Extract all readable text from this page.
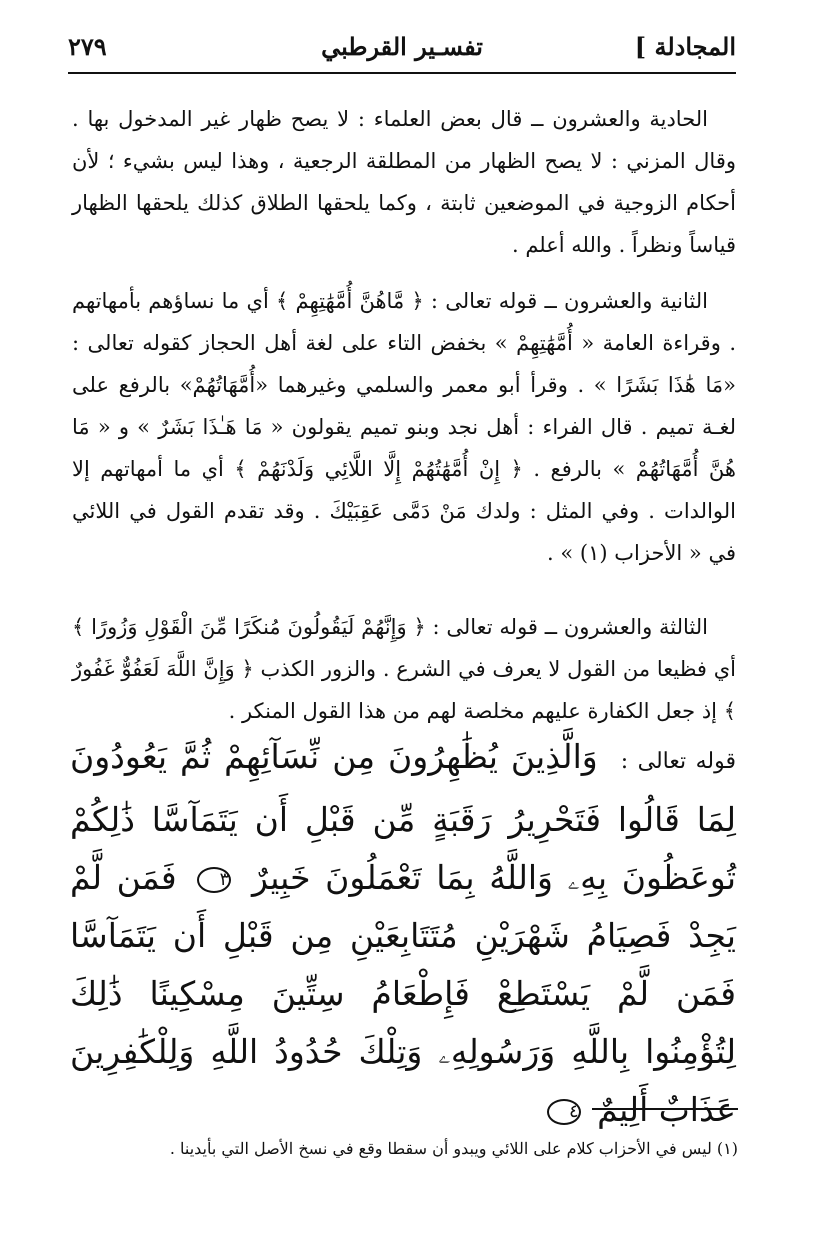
المجادلة ]
تفسـير القرطبي
٢٧٩

الحادية والعشرون ــ قال بعض العلماء : لا يصح ظهار غير المدخول بها . وقال المزني : لا يصح الظهار من المطلقة الرجعية ، وهذا ليس بشيء ؛ لأن أحكام الزوجية في الموضعين ثابتة ، وكما يلحقها الطلاق كذلك يلحقها الظهار قياساً ونظراً . والله أعلم .

الثانية والعشرون ــ قوله تعالى : ﴿ مَّاهُنَّ أُمَّهَٰتِهِمْ ﴾ أي ما نساؤهم بأمهاتهم . وقراءة العامة « أُمَّهَٰتِهِمْ » بخفض التاء على لغة أهل الحجاز كقوله تعالى : «مَا هَٰذَا بَشَرًا » . وقرأ أبو معمر والسلمي وغيرهما «أُمَّهَاتُهُمْ» بالرفع على لغـة تميم . قال الفراء : أهل نجد وبنو تميم يقولون « مَا هَـٰذَا بَشَرٌ » و « مَا هُنَّ أُمَّهَاتُهُمْ » بالرفع . ﴿ إِنْ أُمَّهَٰتُهُمْ إِلَّا اللَّائِي وَلَدْنَهُمْ ﴾ أي ما أمهاتهم إلا الوالدات . وفي المثل : ولدك مَنْ دَمَّى عَقِبَيْكَ . وقد تقدم القول في اللائي في « الأحزاب (١) » .

الثالثة والعشرون ــ قوله تعالى : ﴿ وَإِنَّهُمْ لَيَقُولُونَ مُنكَرًا مِّنَ الْقَوْلِ وَزُورًا ﴾ أي فظيعا من القول لا يعرف في الشرع . والزور الكذب ﴿ وَإِنَّ اللَّهَ لَعَفُوٌّ غَفُورٌ ﴾ إذ جعل الكفارة عليهم مخلصة لهم من هذا القول المنكر .

قوله تعالى : وَالَّذِينَ يُظَٰهِرُونَ مِن نِّسَآئِهِمْ ثُمَّ يَعُودُونَ لِمَا قَالُوا فَتَحْرِيرُ رَقَبَةٍ مِّن قَبْلِ أَن يَتَمَآسَّا ذَٰلِكُمْ تُوعَظُونَ بِهِۦ وَاللَّهُ بِمَا تَعْمَلُونَ خَبِيرٌ ٣ فَمَن لَّمْ يَجِدْ فَصِيَامُ شَهْرَيْنِ مُتَتَابِعَيْنِ مِن قَبْلِ أَن يَتَمَآسَّا فَمَن لَّمْ يَسْتَطِعْ فَإِطْعَامُ سِتِّينَ مِسْكِينًا ذَٰلِكَ لِتُؤْمِنُوا بِاللَّهِ وَرَسُولِهِۦ وَتِلْكَ حُدُودُ اللَّهِ وَلِلْكَٰفِرِينَ عَذَابٌ أَلِيمٌ ٤
(١) ليس في الأحزاب كلام على اللائي ويبدو أن سقطا وقع في نسخ الأصل التي بأيدينا .
